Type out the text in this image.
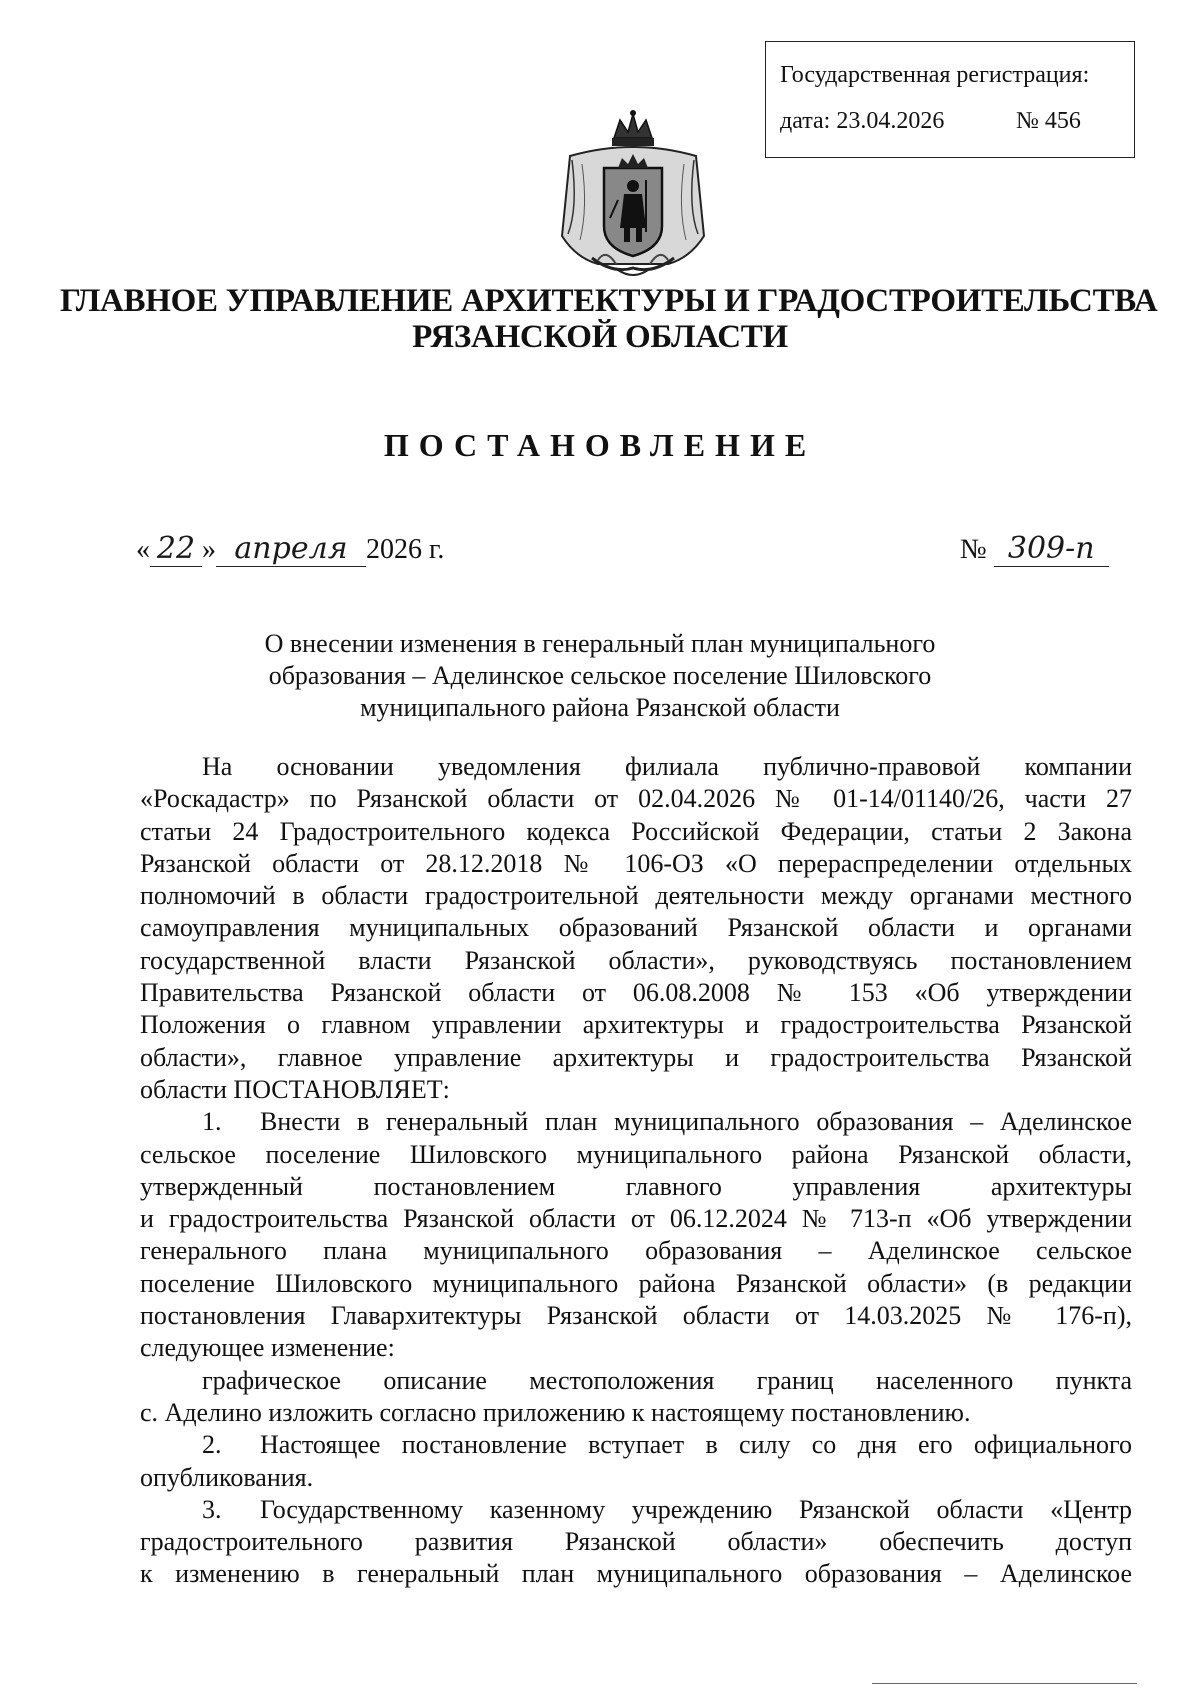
Государственная регистрация:
дата: 23.04.2026	№ 456
ГЛАВНОЕ УПРАВЛЕНИЕ АРХИТЕКТУРЫ И ГРАДОСТРОИТЕЛЬСТВА
РЯЗАНСКОЙ ОБЛАСТИ
ПОСТАНОВЛЕНИЕ
« 22 » апреля 2026 г.	№ 309-п
О внесении изменения в генеральный план муниципального
образования – Аделинское сельское поселение Шиловского
муниципального района Рязанской области
На основании уведомления филиала публично-правовой компании
«Роскадастр» по Рязанской области от 02.04.2026 № 01-14/01140/26, части 27
статьи 24 Градостроительного кодекса Российской Федерации, статьи 2 Закона
Рязанской области от 28.12.2018 № 106-ОЗ «О перераспределении отдельных
полномочий в области градостроительной деятельности между органами местного
самоуправления муниципальных образований Рязанской области и органами
государственной власти Рязанской области», руководствуясь постановлением
Правительства Рязанской области от 06.08.2008 № 153 «Об утверждении
Положения о главном управлении архитектуры и градостроительства Рязанской
области», главное управление архитектуры и градостроительства Рязанской
области ПОСТАНОВЛЯЕТ:
1. Внести в генеральный план муниципального образования – Аделинское
сельское поселение Шиловского муниципального района Рязанской области,
утвержденный постановлением главного управления архитектуры
и градостроительства Рязанской области от 06.12.2024 № 713-п «Об утверждении
генерального плана муниципального образования – Аделинское сельское
поселение Шиловского муниципального района Рязанской области» (в редакции
постановления Главархитектуры Рязанской области от 14.03.2025 № 176-п),
следующее изменение:
графическое описание местоположения границ населенного пункта
с. Аделино изложить согласно приложению к настоящему постановлению.
2. Настоящее постановление вступает в силу со дня его официального
опубликования.
3. Государственному казенному учреждению Рязанской области «Центр
градостроительного развития Рязанской области» обеспечить доступ
к изменению в генеральный план муниципального образования – Аделинское
